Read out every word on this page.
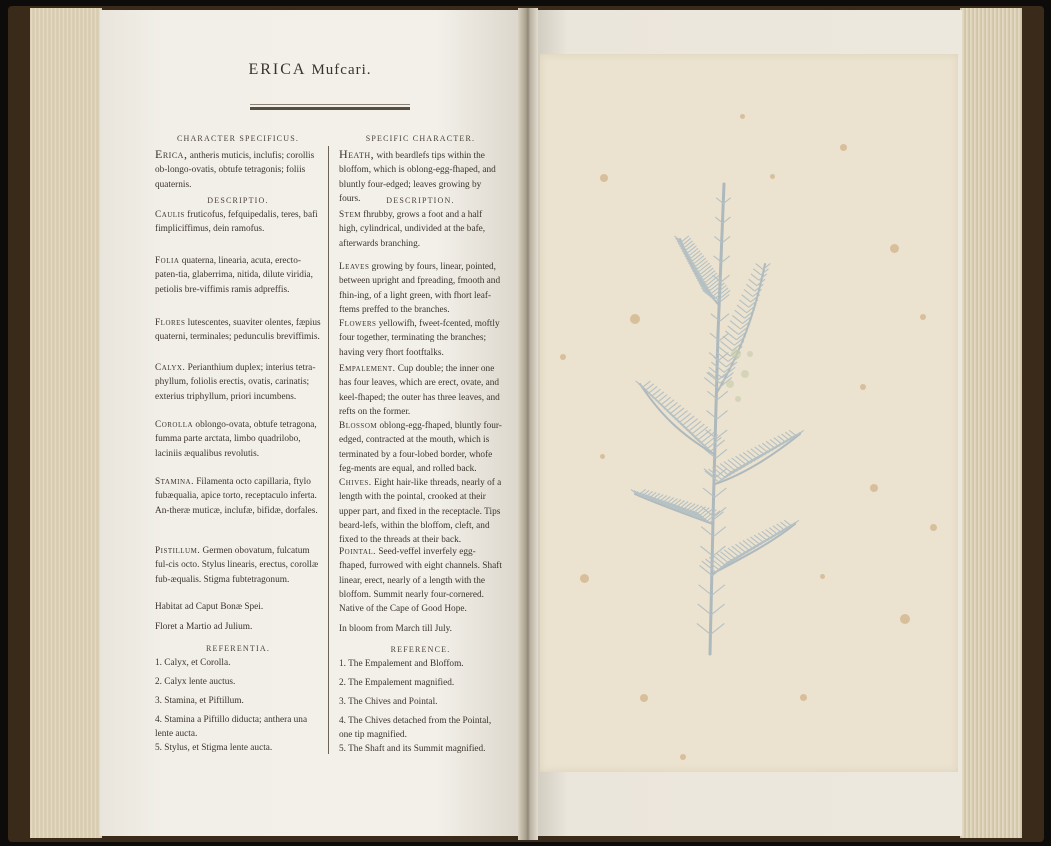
ERICA Mufcari.
CHARACTER SPECIFICUS.
Erica, antheris muticis, inclufis; corollis ob-longo-ovatis, obtufe tetragonis; foliis quaternis.
DESCRIPTIO.
Caulis fruticofus, fefquipedalis, teres, bafi fimpliciffimus, dein ramofus.
Folia quaterna, linearia, acuta, erecto-paten-tia, glaberrima, nitida, dilute viridia, petiolis bre-viffimis ramis adpreffis.
Flores lutescentes, suaviter olentes, fæpius quaterni, terminales; pedunculis breviffimis.
Calyx. Perianthium duplex; interius tetra-phyllum, foliolis erectis, ovatis, carinatis; exterius triphyllum, priori incumbens.
Corolla oblongo-ovata, obtufe tetragona, fumma parte arctata, limbo quadrilobo, laciniis æqualibus revolutis.
Stamina. Filamenta octo capillaria, ftylo fubæqualia, apice torto, receptaculo inferta. An-theræ muticæ, inclufæ, bifidæ, dorfales.
Pistillum. Germen obovatum, fulcatum ful-cis octo. Stylus linearis, erectus, corollæ fub-æqualis. Stigma fubtetragonum.
Habitat ad Caput Bonæ Spei.
Floret a Martio ad Julium.
REFERENTIA.
1. Calyx, et Corolla.
2. Calyx lente auctus.
3. Stamina, et Piftillum.
4. Stamina a Piftillo diducta; anthera una lente aucta.
5. Stylus, et Stigma lente aucta.
SPECIFIC CHARACTER.
Heath, with beardlefs tips within the bloffom, which is oblong-egg-fhaped, and bluntly four-edged; leaves growing by fours.	DESCRIPTION.
Stem fhrubby, grows a foot and a half high, cylindrical, undivided at the bafe, afterwards branching.
Leaves growing by fours, linear, pointed, between upright and fpreading, fmooth and fhin-ing, of a light green, with fhort leaf-ftems preffed to the branches.
Flowers yellowifh, fweet-fcented, moftly four together, terminating the branches; having very fhort footftalks.
Empalement. Cup double; the inner one has four leaves, which are erect, ovate, and keel-fhaped; the outer has three leaves, and refts on the former.
Blossom oblong-egg-fhaped, bluntly four-edged, contracted at the mouth, which is terminated by a four-lobed border, whofe feg-ments are equal, and rolled back.
Chives. Eight hair-like threads, nearly of a length with the pointal, crooked at their upper part, and fixed in the receptacle. Tips beard-lefs, within the bloffom, cleft, and fixed to the threads at their back.
Pointal. Seed-veffel inverfely egg-fhaped, furrowed with eight channels. Shaft linear, erect, nearly of a length with the bloffom. Summit nearly four-cornered.
Native of the Cape of Good Hope.
In bloom from March till July.
REFERENCE.
1. The Empalement and Bloffom.
2. The Empalement magnified.
3. The Chives and Pointal.
4. The Chives detached from the Pointal, one tip magnified.
5. The Shaft and its Summit magnified.
